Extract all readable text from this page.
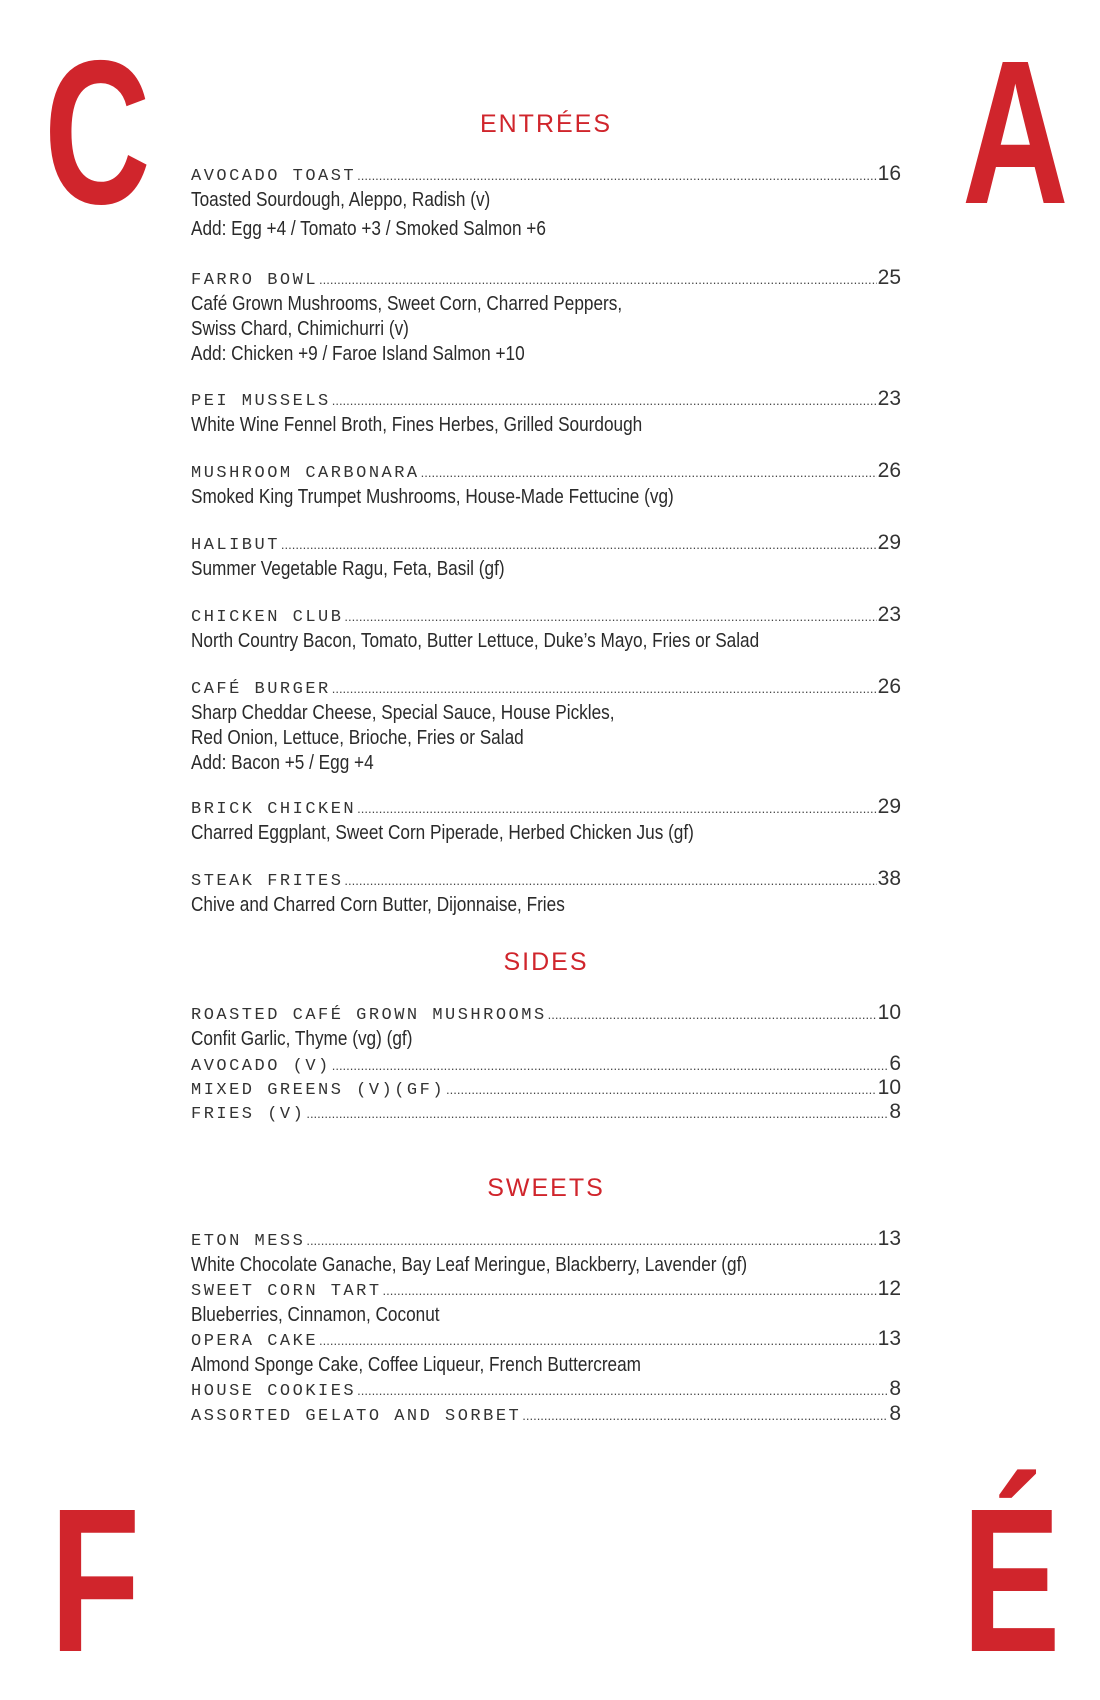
C	A
F	É
ENTRÉES
AVOCADO TOAST .....	16
Toasted Sourdough, Aleppo, Radish (v)
Add: Egg +4 / Tomato +3 / Smoked Salmon +6
FARRO BOWL .....	25
Café Grown Mushrooms, Sweet Corn, Charred Peppers,
Swiss Chard, Chimichurri (v)
Add: Chicken +9 / Faroe Island Salmon +10
PEI MUSSELS .....	23
White Wine Fennel Broth, Fines Herbes, Grilled Sourdough
MUSHROOM CARBONARA .....	26
Smoked King Trumpet Mushrooms, House-Made Fettucine (vg)
HALIBUT .....	29
Summer Vegetable Ragu, Feta, Basil (gf)
CHICKEN CLUB .....	23
North Country Bacon, Tomato, Butter Lettuce, Duke’s Mayo, Fries or Salad
CAFÉ BURGER .....	26
Sharp Cheddar Cheese, Special Sauce, House Pickles,
Red Onion, Lettuce, Brioche, Fries or Salad
Add: Bacon +5 / Egg +4
BRICK CHICKEN .....	29
Charred Eggplant, Sweet Corn Piperade, Herbed Chicken Jus (gf)
STEAK FRITES .....	38
Chive and Charred Corn Butter, Dijonnaise, Fries
SIDES
ROASTED CAFÉ GROWN MUSHROOMS .....	10
Confit Garlic, Thyme (vg) (gf)
AVOCADO (V) .....	6
MIXED GREENS (V)(GF) .....	10
FRIES (V) .....	8
SWEETS
ETON MESS .....	13
White Chocolate Ganache, Bay Leaf Meringue, Blackberry, Lavender (gf)
SWEET CORN TART .....	12
Blueberries, Cinnamon, Coconut
OPERA CAKE .....	13
Almond Sponge Cake, Coffee Liqueur, French Buttercream
HOUSE COOKIES .....	8
ASSORTED GELATO AND SORBET .....	8
